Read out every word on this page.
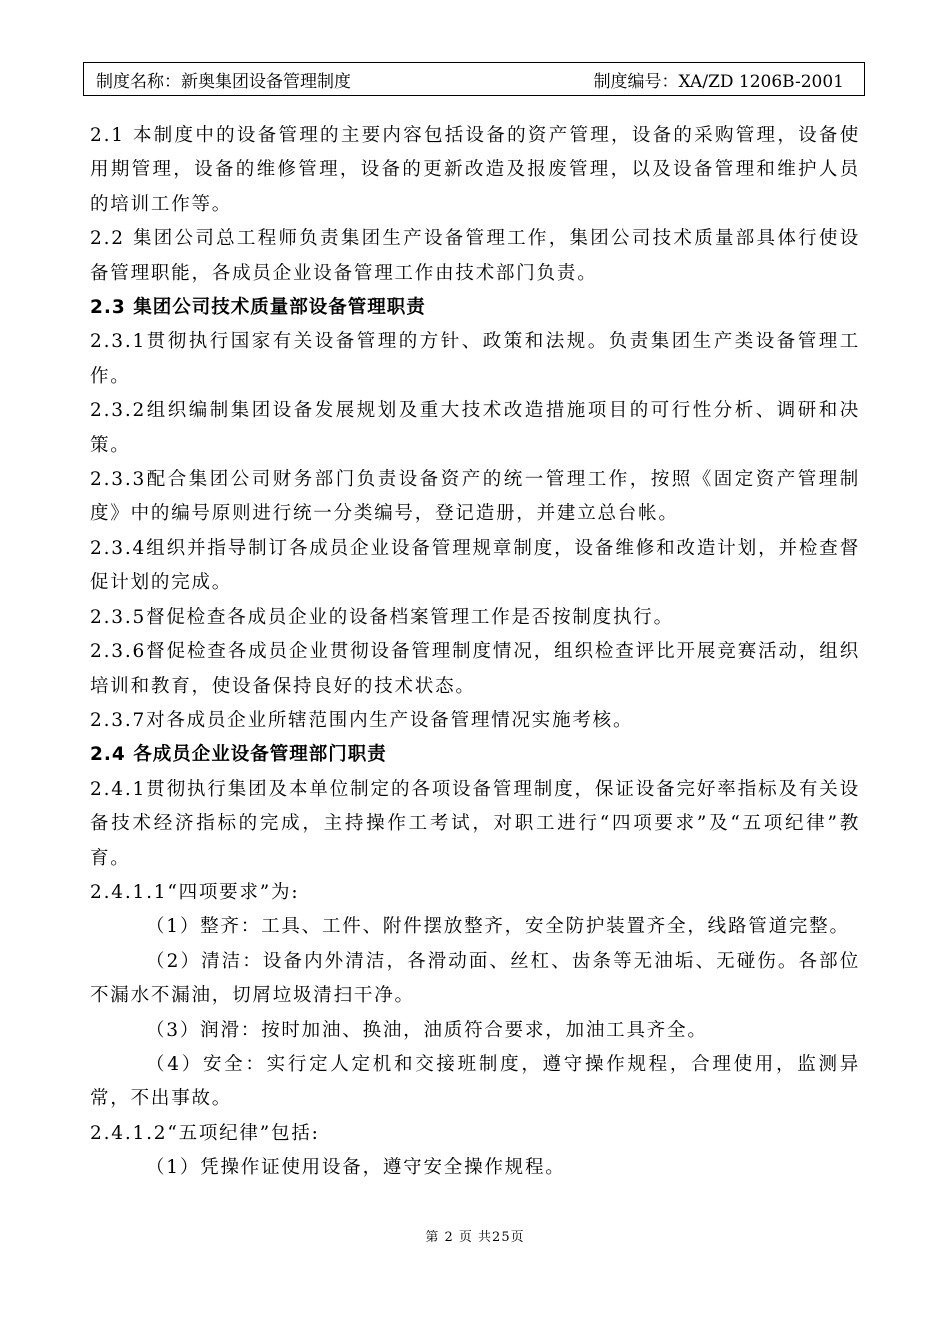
制度名称：新奥集团设备管理制度	制度编号：XA/ZD 1206B-2001

2.1 本制度中的设备管理的主要内容包括设备的资产管理，设备的采购管理，设备使用期管理，设备的维修管理，设备的更新改造及报废管理，以及设备管理和维护人员的培训工作等。

2.2 集团公司总工程师负责集团生产设备管理工作，集团公司技术质量部具体行使设备管理职能，各成员企业设备管理工作由技术部门负责。

2.3 集团公司技术质量部设备管理职责

2.3.1贯彻执行国家有关设备管理的方针、政策和法规。负责集团生产类设备管理工作。

2.3.2组织编制集团设备发展规划及重大技术改造措施项目的可行性分析、调研和决策。

2.3.3配合集团公司财务部门负责设备资产的统一管理工作，按照《固定资产管理制度》中的编号原则进行统一分类编号，登记造册，并建立总台帐。

2.3.4组织并指导制订各成员企业设备管理规章制度，设备维修和改造计划，并检查督促计划的完成。

2.3.5督促检查各成员企业的设备档案管理工作是否按制度执行。

2.3.6督促检查各成员企业贯彻设备管理制度情况，组织检查评比开展竞赛活动，组织培训和教育，使设备保持良好的技术状态。

2.3.7对各成员企业所辖范围内生产设备管理情况实施考核。

2.4 各成员企业设备管理部门职责

2.4.1贯彻执行集团及本单位制定的各项设备管理制度，保证设备完好率指标及有关设备技术经济指标的完成，主持操作工考试，对职工进行“四项要求”及“五项纪律”教育。

2.4.1.1“四项要求”为:

（1）整齐：工具、工件、附件摆放整齐，安全防护装置齐全，线路管道完整。

（2）清洁：设备内外清洁，各滑动面、丝杠、齿条等无油垢、无碰伤。各部位不漏水不漏油，切屑垃圾清扫干净。

（3）润滑：按时加油、换油，油质符合要求，加油工具齐全。

（4）安全：实行定人定机和交接班制度，遵守操作规程，合理使用，监测异常，不出事故。

2.4.1.2“五项纪律”包括:

（1）凭操作证使用设备，遵守安全操作规程。

第 2 页 共25页
